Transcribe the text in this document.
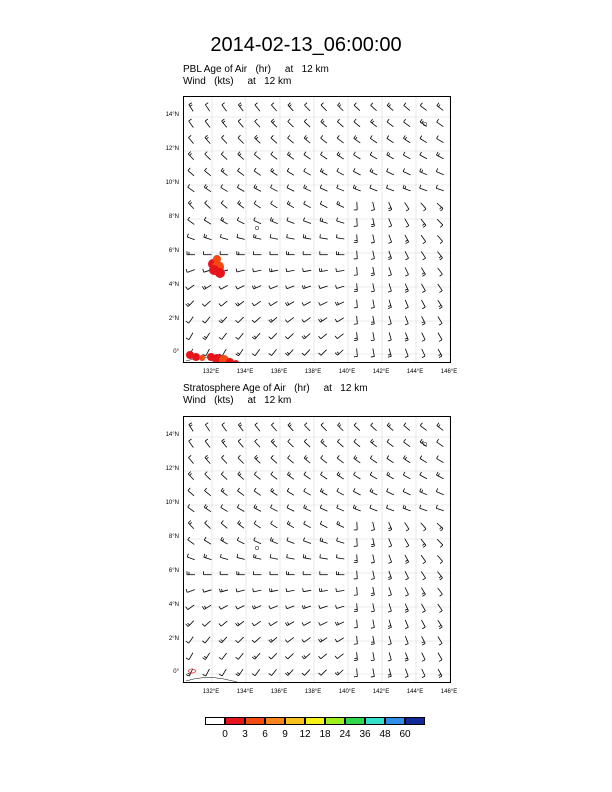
2014-02-13_06:00:00
PBL Age of Air   (hr)     at   12 km
Wind   (kts)     at   12 km
14°N
12°N
10°N
8°N
6°N
4°N
2°N
0°
132°E	134°E	136°E	138°E	140°E	142°E	144°E	146°E
Stratosphere Age of Air   (hr)     at   12 km
Wind   (kts)     at   12 km
14°N
12°N
10°N
8°N
6°N
4°N
2°N
0°
132°E	134°E	136°E	138°E	140°E	142°E	144°E	146°E
0	3	6	9	12 18 24 36 48 60
